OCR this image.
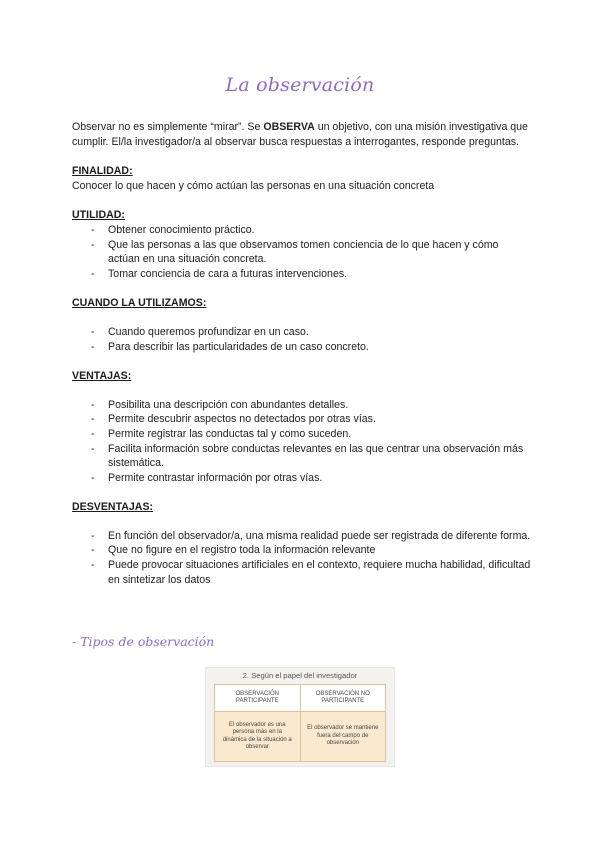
La observación

Observar no es simplemente “mirar”. Se OBSERVA un objetivo, con una misión investigativa que cumplir. El/la investigador/a al observar busca respuestas a interrogantes, responde preguntas.

FINALIDAD:

Conocer lo que hacen y cómo actúan las personas en una situación concreta

UTILIDAD:

- Obtener conocimiento práctico.
- Que las personas a las que observamos tomen conciencia de lo que hacen y cómo actúan en una situación concreta.
- Tomar conciencia de cara a futuras intervenciones.

CUANDO LA UTILIZAMOS:

- Cuando queremos profundizar en un caso.
- Para describir las particularidades de un caso concreto.

VENTAJAS:

- Posibilita una descripción con abundantes detalles.
- Permite descubrir aspectos no detectados por otras vías.
- Permite registrar las conductas tal y como suceden.
- Facilita información sobre conductas relevantes en las que centrar una observación más sistemática.
- Permite contrastar información por otras vías.

DESVENTAJAS:

- En función del observador/a, una misma realidad puede ser registrada de diferente forma.
- Que no figure en el registro toda la información relevante
- Puede provocar situaciones artificiales en el contexto, requiere mucha habilidad, dificultad en sintetizar los datos
- Tipos de observación
2. Según el papel del investigador
OBSERVACIÓN PARTICIPANTE	OBSERVACIÓN NO PARTICIPANTE
El observador es una persona más en la dinámica de la situación a observar	El observador se mantiene fuera del campo de observación
